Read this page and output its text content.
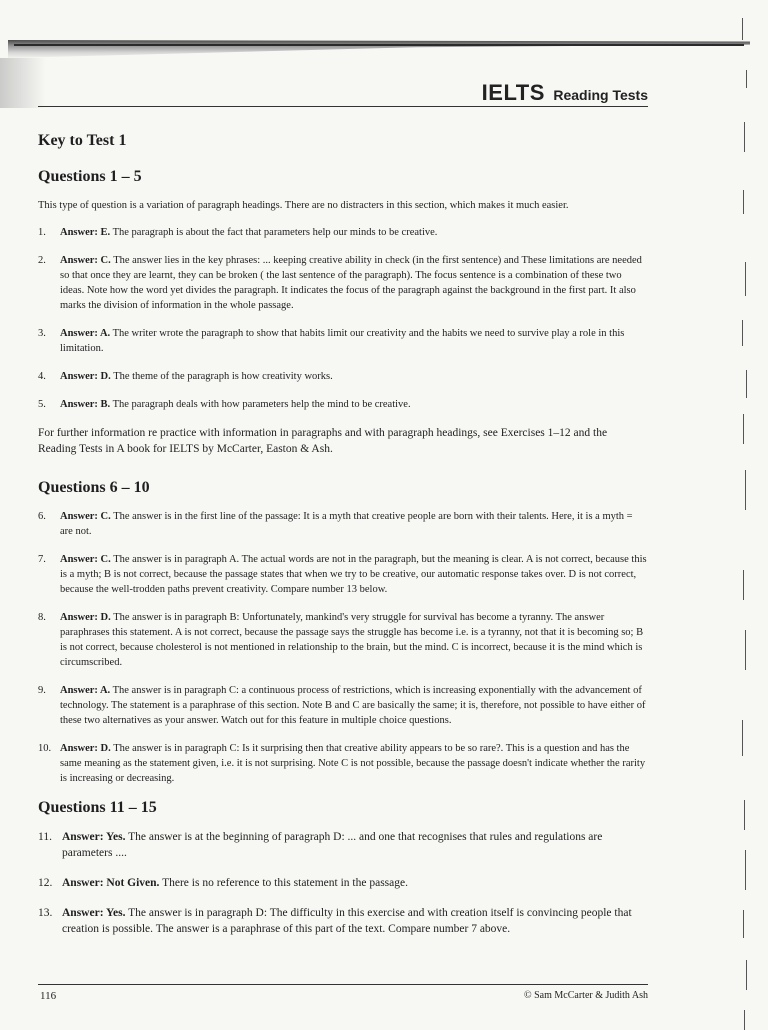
IELTS Reading Tests
Key to Test 1
Questions 1 – 5

This type of question is a variation of paragraph headings. There are no distracters in this section, which makes it much easier.

1. Answer: E. The paragraph is about the fact that parameters help our minds to be creative.
2. Answer: C. The answer lies in the key phrases: ... keeping creative ability in check (in the first sentence) and These limitations are needed so that once they are learnt, they can be broken ( the last sentence of the paragraph). The focus sentence is a combination of these two ideas. Note how the word yet divides the paragraph. It indicates the focus of the paragraph against the background in the first part. It also marks the division of information in the whole passage.
3. Answer: A. The writer wrote the paragraph to show that habits limit our creativity and the habits we need to survive play a role in this limitation.
4. Answer: D. The theme of the paragraph is how creativity works.
5. Answer: B. The paragraph deals with how parameters help the mind to be creative.

For further information re practice with information in paragraphs and with paragraph headings, see Exercises 1–12 and the Reading Tests in A book for IELTS by McCarter, Easton & Ash.

Questions 6 – 10
6. Answer: C. The answer is in the first line of the passage: It is a myth that creative people are born with their talents. Here, it is a myth = are not.
7. Answer: C. The answer is in paragraph A. The actual words are not in the paragraph, but the meaning is clear. A is not correct, because this is a myth; B is not correct, because the passage states that when we try to be creative, our automatic response takes over. D is not correct, because the well-trodden paths prevent creativity. Compare number 13 below.
8. Answer: D. The answer is in paragraph B: Unfortunately, mankind's very struggle for survival has become a tyranny. The answer paraphrases this statement. A is not correct, because the passage says the struggle has become i.e. is a tyranny, not that it is becoming so; B is not correct, because cholesterol is not mentioned in relationship to the brain, but the mind. C is incorrect, because it is the mind which is circumscribed.
9. Answer: A. The answer is in paragraph C: a continuous process of restrictions, which is increasing exponentially with the advancement of technology. The statement is a paraphrase of this section. Note B and C are basically the same; it is, therefore, not possible to have either of these two alternatives as your answer. Watch out for this feature in multiple choice questions.
10. Answer: D. The answer is in paragraph C: Is it surprising then that creative ability appears to be so rare?. This is a question and has the same meaning as the statement given, i.e. it is not surprising. Note C is not possible, because the passage doesn't indicate whether the rarity is increasing or decreasing.
Questions 11 – 15
11. Answer: Yes. The answer is at the beginning of paragraph D: ... and one that recognises that rules and regulations are parameters ....
12. Answer: Not Given. There is no reference to this statement in the passage.
13. Answer: Yes. The answer is in paragraph D: The difficulty in this exercise and with creation itself is convincing people that creation is possible. The answer is a paraphrase of this part of the text. Compare number 7 above.
116	© Sam McCarter & Judith Ash
